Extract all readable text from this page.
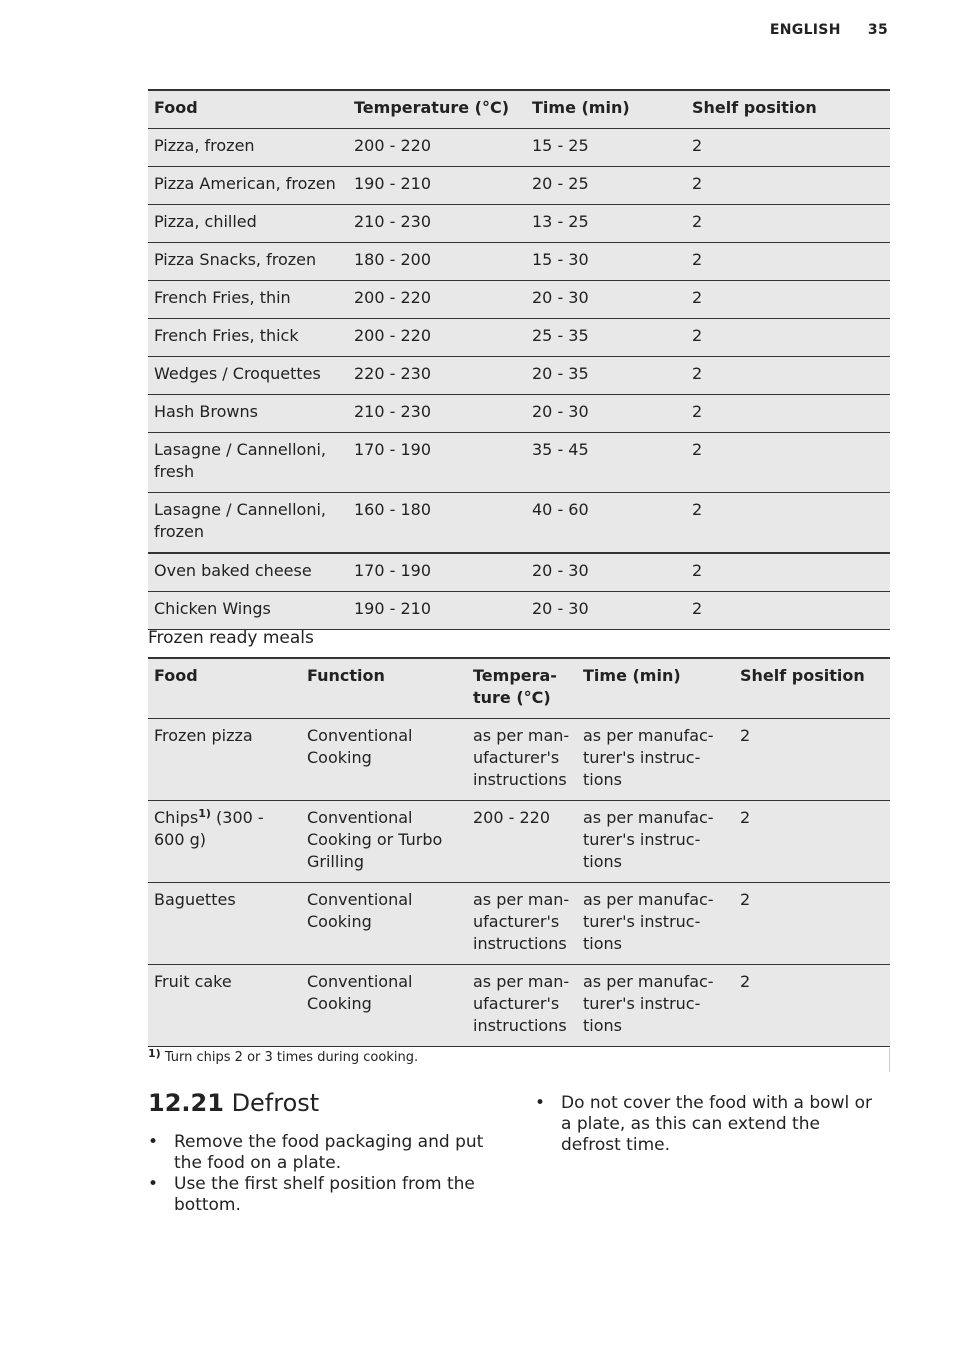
ENGLISH 35
Food	Temperature (°C)	Time (min)	Shelf position
Pizza, frozen	200 - 220	15 - 25	2
Pizza American, frozen	190 - 210	20 - 25	2
Pizza, chilled	210 - 230	13 - 25	2
Pizza Snacks, frozen	180 - 200	15 - 30	2
French Fries, thin	200 - 220	20 - 30	2
French Fries, thick	200 - 220	25 - 35	2
Wedges / Croquettes	220 - 230	20 - 35	2
Hash Browns	210 - 230	20 - 30	2
Lasagne / Cannelloni, fresh	170 - 190	35 - 45	2
Lasagne / Cannelloni, frozen	160 - 180	40 - 60	2
Oven baked cheese	170 - 190	20 - 30	2
Chicken Wings	190 - 210	20 - 30	2
Frozen ready meals
Food	Function	Tempera-ture (°C)	Time (min)	Shelf position
Frozen pizza	Conventional Cooking	as per man-ufacturer's instructions	as per manufac-turer's instruc-tions	2
Chips$^{1)}$ (300 - 600 g)	Conventional Cooking or Turbo Grilling	200 - 220	as per manufac-turer's instruc-tions	2
Baguettes	Conventional Cooking	as per man-ufacturer's instructions	as per manufac-turer's instruc-tions	2
Fruit cake	Conventional Cooking	as per man-ufacturer's instructions	as per manufac-turer's instruc-tions	2
$^{1)}$ Turn chips 2 or 3 times during cooking.
12.21 Defrost
• Remove the food packaging and put the food on a plate.
• Use the first shelf position from the bottom.
• Do not cover the food with a bowl or a plate, as this can extend the defrost time.
